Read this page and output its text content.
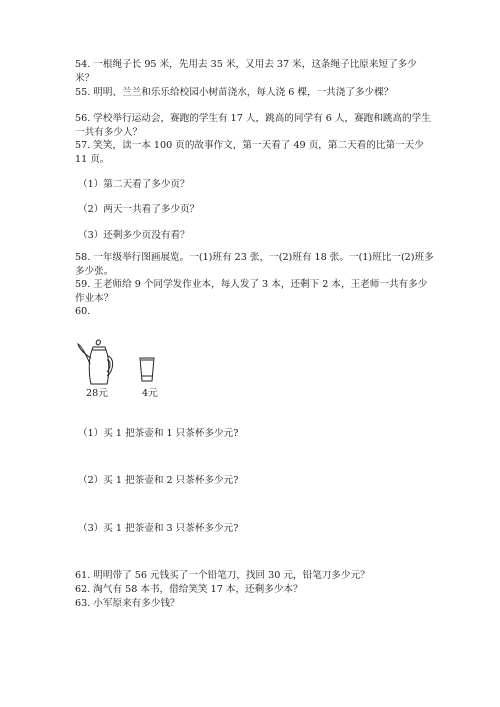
54. 一根绳子长 95 米，先用去 35 米，又用去 37 米，这条绳子比原来短了多少米？
55. 明明、兰兰和乐乐给校园小树苗浇水，每人浇 6 棵，一共浇了多少棵？
56. 学校举行运动会，赛跑的学生有 17 人，跳高的同学有 6 人，赛跑和跳高的学生一共有多少人？
57. 笑笑，读一本 100 页的故事作文，第一天看了 49 页，第二天看的比第一天少 11 页。
（1）第二天看了多少页？
（2）两天一共看了多少页？
（3）还剩多少页没有看？
58. 一年级举行图画展览。一(1)班有 23 张，一(2)班有 18 张。一(1)班比一(2)班多多少张。
59. 王老师给 9 个同学发作业本，每人发了 3 本，还剩下 2 本，王老师一共有多少作业本？
60.
28元	4元
（1）买 1 把茶壶和 1 只茶杯多少元?
（2）买 1 把茶壶和 2 只茶杯多少元?
（3）买 1 把茶壶和 3 只茶杯多少元?
61. 明明带了 56 元钱买了一个铅笔刀，找回 30 元，铅笔刀多少元？
62. 淘气有 58 本书，借给笑笑 17 本，还剩多少本？
63. 小军原来有多少钱？
